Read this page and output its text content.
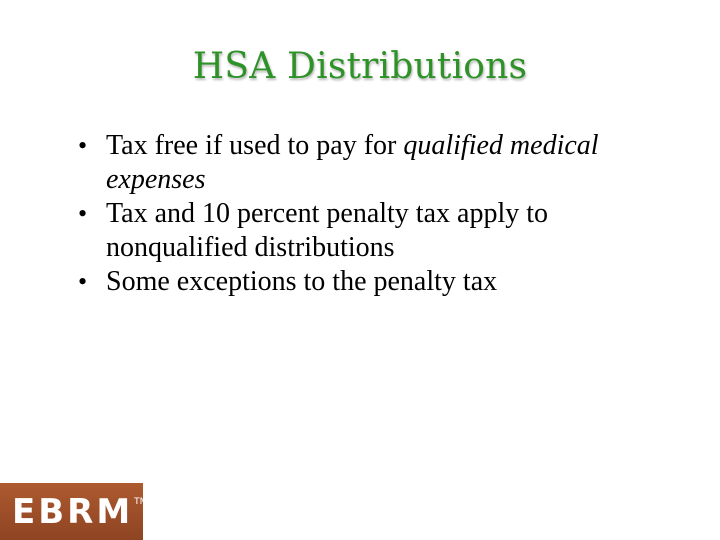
HSA Distributions
• Tax free if used to pay for qualified medical expenses
• Tax and 10 percent penalty tax apply to nonqualified distributions
• Some exceptions to the penalty tax
EBRM TM
